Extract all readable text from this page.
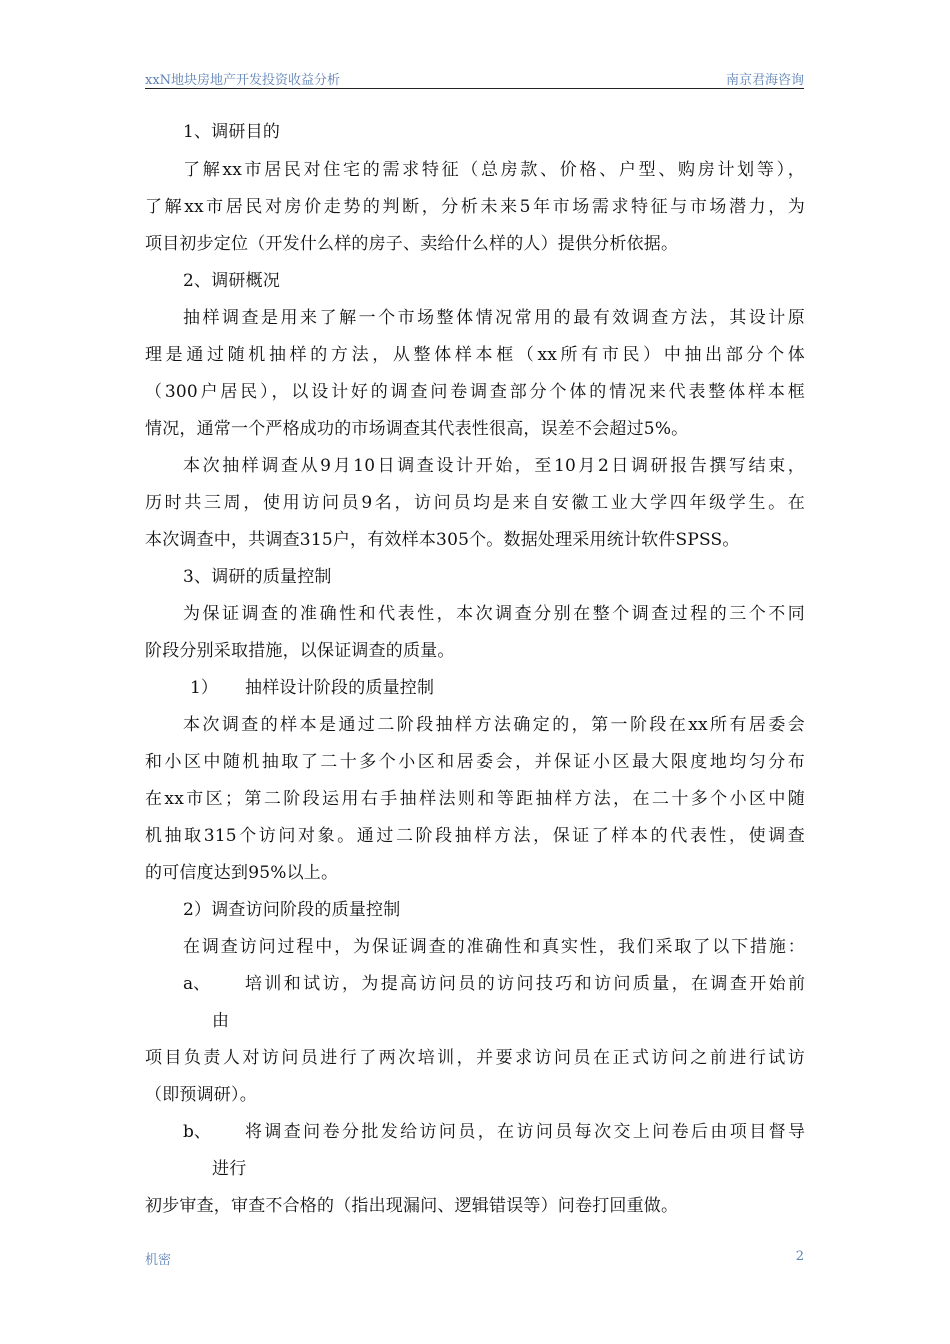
xxN地块房地产开发投资收益分析	南京君海咨询
1、调研目的
了解xx市居民对住宅的需求特征（总房款、价格、户型、购房计划等），
了解xx市居民对房价走势的判断，分析未来5年市场需求特征与市场潜力，为
项目初步定位（开发什么样的房子、卖给什么样的人）提供分析依据。
2、调研概况
抽样调查是用来了解一个市场整体情况常用的最有效调查方法，其设计原
理是通过随机抽样的方法，从整体样本框（xx所有市民）中抽出部分个体
（300户居民），以设计好的调查问卷调查部分个体的情况来代表整体样本框
情况，通常一个严格成功的市场调查其代表性很高，误差不会超过5%。
本次抽样调查从9月10日调查设计开始，至10月2日调研报告撰写结束，
历时共三周，使用访问员9名，访问员均是来自安徽工业大学四年级学生。在
本次调查中，共调查315户，有效样本305个。数据处理采用统计软件SPSS。
3、调研的质量控制
为保证调查的准确性和代表性，本次调查分别在整个调查过程的三个不同
阶段分别采取措施，以保证调查的质量。
1） 抽样设计阶段的质量控制
本次调查的样本是通过二阶段抽样方法确定的，第一阶段在xx所有居委会
和小区中随机抽取了二十多个小区和居委会，并保证小区最大限度地均匀分布
在xx市区；第二阶段运用右手抽样法则和等距抽样方法，在二十多个小区中随
机抽取315个访问对象。通过二阶段抽样方法，保证了样本的代表性，使调查
的可信度达到95%以上。
2）调查访问阶段的质量控制
在调查访问过程中，为保证调查的准确性和真实性，我们采取了以下措施：
a、 培训和试访，为提高访问员的访问技巧和访问质量，在调查开始前
由
项目负责人对访问员进行了两次培训，并要求访问员在正式访问之前进行试访
（即预调研）。
b、 将调查问卷分批发给访问员，在访问员每次交上问卷后由项目督导
进行
初步审查，审查不合格的（指出现漏问、逻辑错误等）问卷打回重做。
机密	2
